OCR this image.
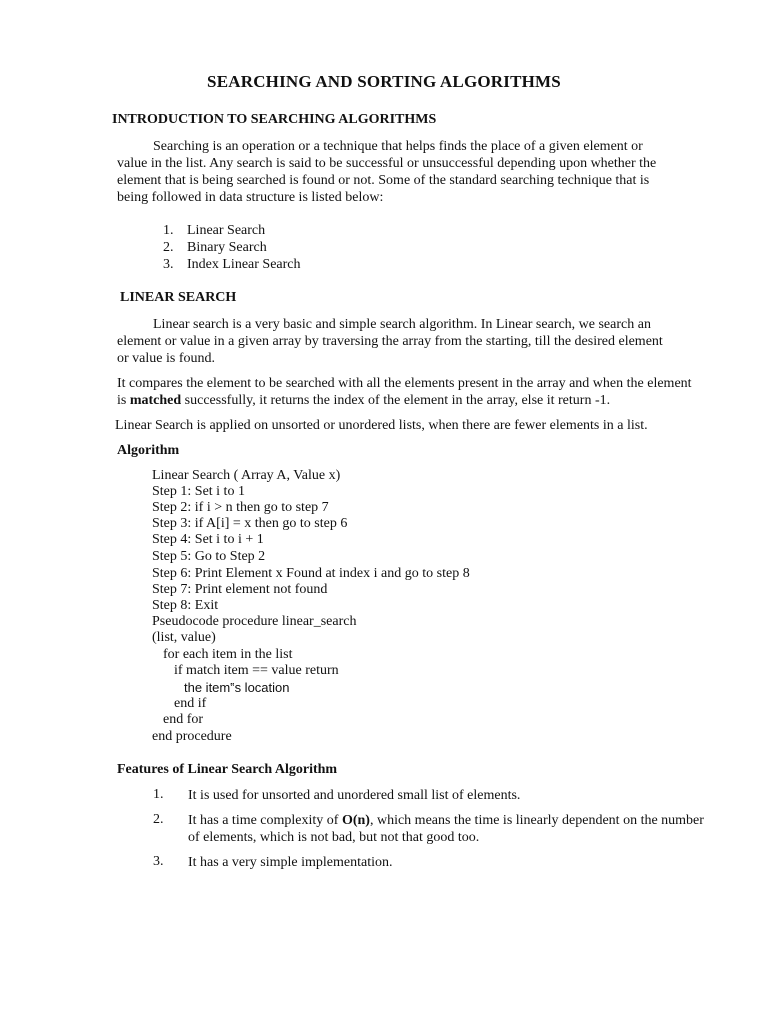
SEARCHING AND SORTING ALGORITHMS
INTRODUCTION TO SEARCHING ALGORITHMS
Searching is an operation or a technique that helps finds the place of a given element or
value in the list. Any search is said to be successful or unsuccessful depending upon whether the
element that is being searched is found or not. Some of the standard searching technique that is
being followed in data structure is listed below:
1. Linear Search
2. Binary Search
3. Index Linear Search
LINEAR SEARCH
Linear search is a very basic and simple search algorithm. In Linear search, we search an
element or value in a given array by traversing the array from the starting, till the desired element
or value is found.
It compares the element to be searched with all the elements present in the array and when the element
is matched successfully, it returns the index of the element in the array, else it return -1.
Linear Search is applied on unsorted or unordered lists, when there are fewer elements in a list.
Algorithm
Linear Search ( Array A, Value x)
Step 1: Set i to 1
Step 2: if i > n then go to step 7
Step 3: if A[i] = x then go to step 6
Step 4: Set i to i + 1
Step 5: Go to Step 2
Step 6: Print Element x Found at index i and go to step 8
Step 7: Print element not found
Step 8: Exit
Pseudocode procedure linear_search
(list, value)
for each item in the list
if match item == value return
the item‟s location
end if
end for
end procedure
Features of Linear Search Algorithm
1. It is used for unsorted and unordered small list of elements.
2. It has a time complexity of O(n), which means the time is linearly dependent on the number
of elements, which is not bad, but not that good too.
3. It has a very simple implementation.
